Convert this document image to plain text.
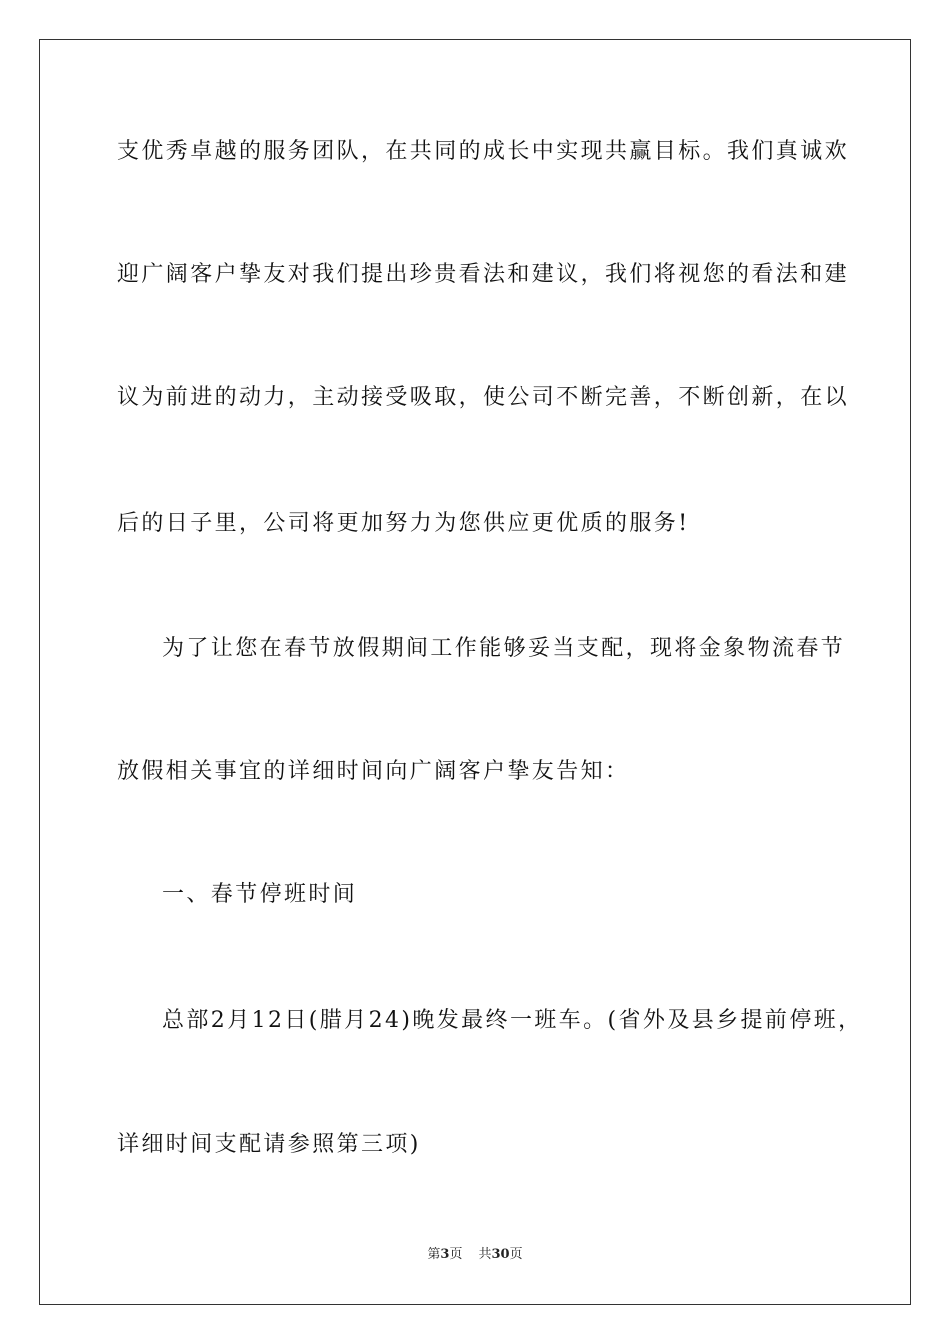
支优秀卓越的服务团队，在共同的成长中实现共赢目标。我们真诚欢
迎广阔客户挚友对我们提出珍贵看法和建议，我们将视您的看法和建
议为前进的动力，主动接受吸取，使公司不断完善，不断创新，在以
后的日子里，公司将更加努力为您供应更优质的服务!
为了让您在春节放假期间工作能够妥当支配，现将金象物流春节
放假相关事宜的详细时间向广阔客户挚友告知：
一、春节停班时间
总部2月12日(腊月24)晚发最终一班车。(省外及县乡提前停班，
详细时间支配请参照第三项)
第3页 共30页
